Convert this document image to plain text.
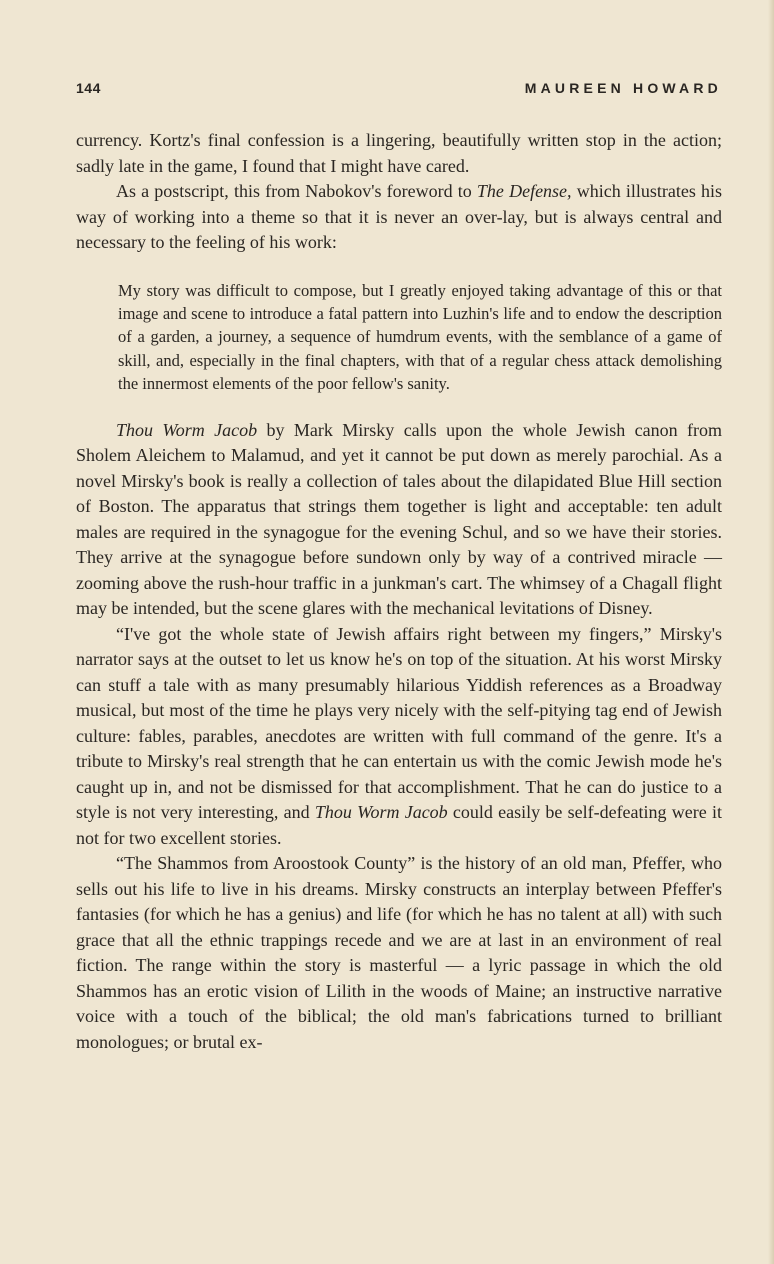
144	MAUREEN HOWARD

currency. Kortz's final confession is a lingering, beautifully written stop in the action; sadly late in the game, I found that I might have cared.

As a postscript, this from Nabokov's foreword to The Defense, which illustrates his way of working into a theme so that it is never an over-lay, but is always central and necessary to the feeling of his work:

My story was difficult to compose, but I greatly enjoyed taking advantage of this or that image and scene to introduce a fatal pattern into Luzhin's life and to endow the description of a garden, a journey, a sequence of humdrum events, with the semblance of a game of skill, and, especially in the final chapters, with that of a regular chess attack demolishing the innermost elements of the poor fellow's sanity.

Thou Worm Jacob by Mark Mirsky calls upon the whole Jewish canon from Sholem Aleichem to Malamud, and yet it cannot be put down as merely parochial. As a novel Mirsky's book is really a collection of tales about the dilapidated Blue Hill section of Boston. The apparatus that strings them together is light and acceptable: ten adult males are required in the synagogue for the evening Schul, and so we have their stories. They arrive at the synagogue before sundown only by way of a contrived miracle — zooming above the rush-hour traffic in a junkman's cart. The whimsey of a Chagall flight may be intended, but the scene glares with the mechanical levitations of Disney.

“I've got the whole state of Jewish affairs right between my fingers,” Mirsky's narrator says at the outset to let us know he's on top of the situation. At his worst Mirsky can stuff a tale with as many presumably hilarious Yiddish references as a Broadway musical, but most of the time he plays very nicely with the self-pitying tag end of Jewish culture: fables, parables, anecdotes are written with full command of the genre. It's a tribute to Mirsky's real strength that he can entertain us with the comic Jewish mode he's caught up in, and not be dismissed for that accomplishment. That he can do justice to a style is not very interesting, and Thou Worm Jacob could easily be self-defeating were it not for two excellent stories.

“The Shammos from Aroostook County” is the history of an old man, Pfeffer, who sells out his life to live in his dreams. Mirsky constructs an interplay between Pfeffer's fantasies (for which he has a genius) and life (for which he has no talent at all) with such grace that all the ethnic trappings recede and we are at last in an environment of real fiction. The range within the story is masterful — a lyric passage in which the old Shammos has an erotic vision of Lilith in the woods of Maine; an instructive narrative voice with a touch of the biblical; the old man's fabrications turned to brilliant monologues; or brutal ex-
